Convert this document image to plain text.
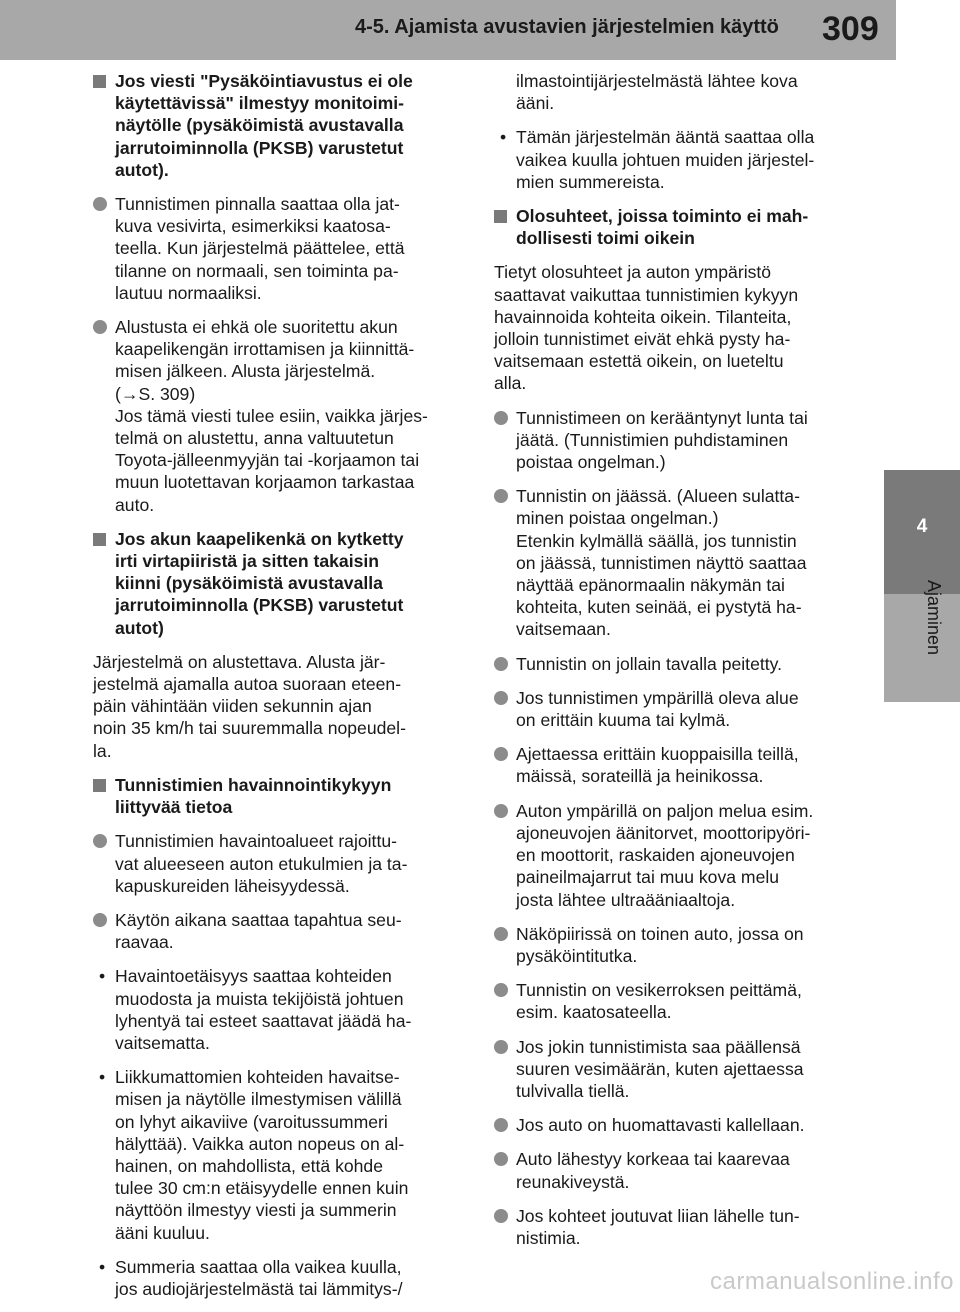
4-5. Ajamista avustavien järjestelmien käyttö 309
4
Ajaminen
Jos viesti "Pysäköintiavustus ei ole
käytettävissä" ilmestyy monitoimi-
näytölle (pysäköimistä avustavalla
jarrutoiminnolla (PKSB) varustetut
autot).
Tunnistimen pinnalla saattaa olla jat-
kuva vesivirta, esimerkiksi kaatosa-
teella. Kun järjestelmä päättelee, että
tilanne on normaali, sen toiminta pa-
lautuu normaaliksi.
Alustusta ei ehkä ole suoritettu akun
kaapelikengän irrottamisen ja kiinnittä-
misen jälkeen. Alusta järjestelmä.
(→S. 309)
Jos tämä viesti tulee esiin, vaikka järjes-
telmä on alustettu, anna valtuutetun
Toyota-jälleenmyyjän tai -korjaamon tai
muun luotettavan korjaamon tarkastaa
auto.
Jos akun kaapelikenkä on kytketty
irti virtapiiristä ja sitten takaisin
kiinni (pysäköimistä avustavalla
jarrutoiminnolla (PKSB) varustetut
autot)
Järjestelmä on alustettava. Alusta jär-
jestelmä ajamalla autoa suoraan eteen-
päin vähintään viiden sekunnin ajan
noin 35 km/h tai suuremmalla nopeudel-
la.
Tunnistimien havainnointikykyyn
liittyvää tietoa
Tunnistimien havaintoalueet rajoittu-
vat alueeseen auton etukulmien ja ta-
kapuskureiden läheisyydessä.
Käytön aikana saattaa tapahtua seu-
raavaa.
• Havaintoetäisyys saattaa kohteiden
muodosta ja muista tekijöistä johtuen
lyhentyä tai esteet saattavat jäädä ha-
vaitsematta.
• Liikkumattomien kohteiden havaitse-
misen ja näytölle ilmestymisen välillä
on lyhyt aikaviive (varoitussummeri
hälyttää). Vaikka auton nopeus on al-
hainen, on mahdollista, että kohde
tulee 30 cm:n etäisyydelle ennen kuin
näyttöön ilmestyy viesti ja summerin
ääni kuuluu.
• Summeria saattaa olla vaikea kuulla,
jos audiojärjestelmästä tai lämmitys-/
ilmastointijärjestelmästä lähtee kova
ääni.
• Tämän järjestelmän ääntä saattaa olla
vaikea kuulla johtuen muiden järjestel-
mien summereista.
Olosuhteet, joissa toiminto ei mah-
dollisesti toimi oikein
Tietyt olosuhteet ja auton ympäristö
saattavat vaikuttaa tunnistimien kykyyn
havainnoida kohteita oikein. Tilanteita,
jolloin tunnistimet eivät ehkä pysty ha-
vaitsemaan estettä oikein, on lueteltu
alla.
Tunnistimeen on kerääntynyt lunta tai
jäätä. (Tunnistimien puhdistaminen
poistaa ongelman.)
Tunnistin on jäässä. (Alueen sulatta-
minen poistaa ongelman.)
Etenkin kylmällä säällä, jos tunnistin
on jäässä, tunnistimen näyttö saattaa
näyttää epänormaalin näkymän tai
kohteita, kuten seinää, ei pystytä ha-
vaitsemaan.
Tunnistin on jollain tavalla peitetty.
Jos tunnistimen ympärillä oleva alue
on erittäin kuuma tai kylmä.
Ajettaessa erittäin kuoppaisilla teillä,
mäissä, sorateillä ja heinikossa.
Auton ympärillä on paljon melua esim.
ajoneuvojen äänitorvet, moottoripyöri-
en moottorit, raskaiden ajoneuvojen
paineilmajarrut tai muu kova melu
josta lähtee ultraääniaaltoja.
Näköpiirissä on toinen auto, jossa on
pysäköintitutka.
Tunnistin on vesikerroksen peittämä,
esim. kaatosateella.
Jos jokin tunnistimista saa päällensä
suuren vesimäärän, kuten ajettaessa
tulvivalla tiellä.
Jos auto on huomattavasti kallellaan.
Auto lähestyy korkeaa tai kaarevaa
reunakiveystä.
Jos kohteet joutuvat liian lähelle tun-
nistimia.
carmanualsonline.info
